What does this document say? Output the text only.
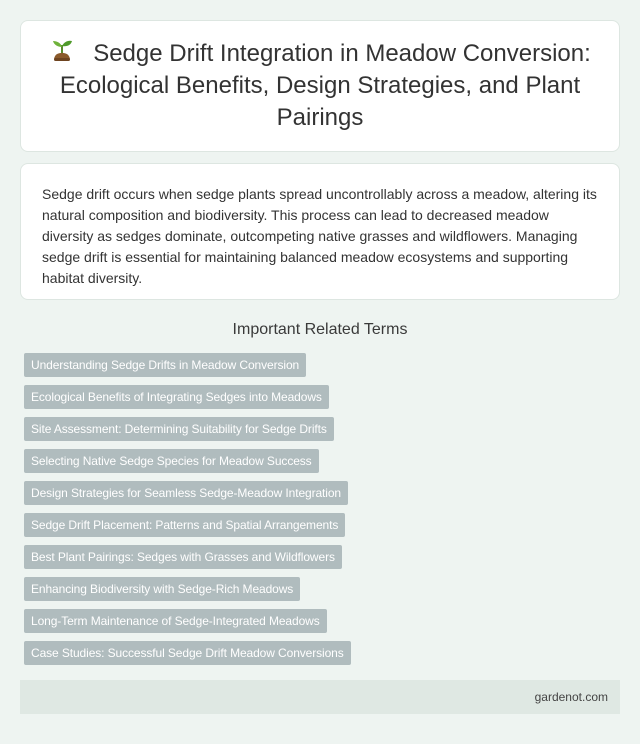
Sedge Drift Integration in Meadow Conversion: Ecological Benefits, Design Strategies, and Plant Pairings

Sedge drift occurs when sedge plants spread uncontrollably across a meadow, altering its natural composition and biodiversity. This process can lead to decreased meadow diversity as sedges dominate, outcompeting native grasses and wildflowers. Managing sedge drift is essential for maintaining balanced meadow ecosystems and supporting habitat diversity.

Important Related Terms
Understanding Sedge Drifts in Meadow Conversion
Ecological Benefits of Integrating Sedges into Meadows
Site Assessment: Determining Suitability for Sedge Drifts
Selecting Native Sedge Species for Meadow Success
Design Strategies for Seamless Sedge-Meadow Integration
Sedge Drift Placement: Patterns and Spatial Arrangements
Best Plant Pairings: Sedges with Grasses and Wildflowers
Enhancing Biodiversity with Sedge-Rich Meadows
Long-Term Maintenance of Sedge-Integrated Meadows
Case Studies: Successful Sedge Drift Meadow Conversions
gardenot.com
